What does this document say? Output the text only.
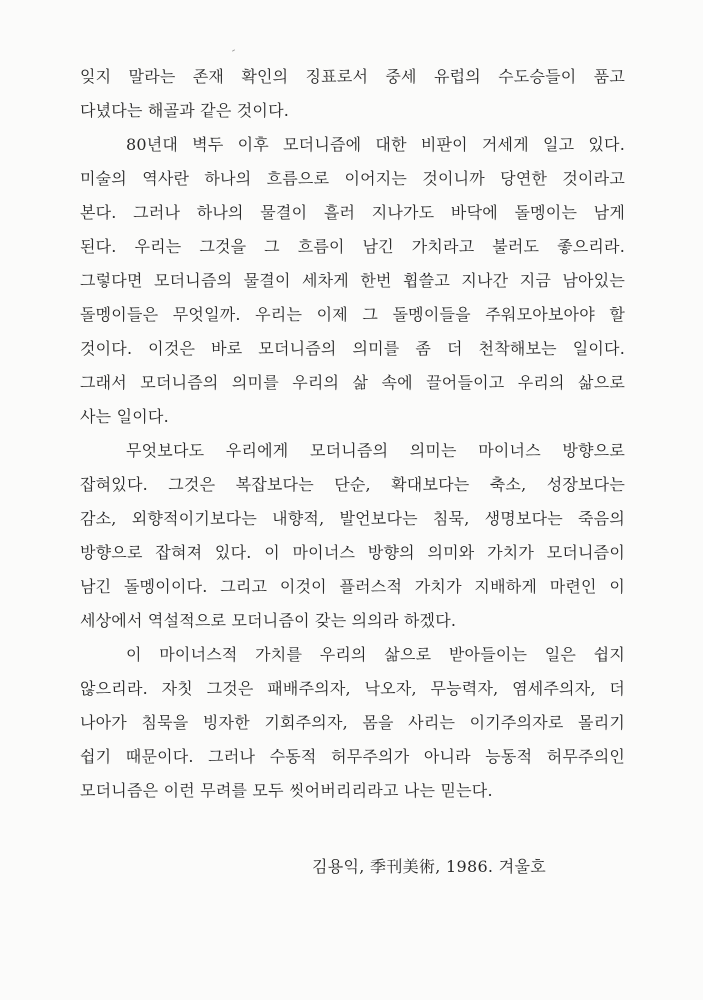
잊지 말라는 존재 확인의 징표로서 중세 유럽의 수도승들이 품고
다녔다는 해골과 같은 것이다.
80년대 벽두 이후 모더니즘에 대한 비판이 거세게 일고 있다.
미술의 역사란 하나의 흐름으로 이어지는 것이니까 당연한 것이라고
본다. 그러나 하나의 물결이 흘러 지나가도 바닥에 돌멩이는 남게
된다. 우리는 그것을 그 흐름이 남긴 가치라고 불러도 좋으리라.
그렇다면 모더니즘의 물결이 세차게 한번 휩쓸고 지나간 지금 남아있는
돌멩이들은 무엇일까. 우리는 이제 그 돌멩이들을 주워모아보아야 할
것이다. 이것은 바로 모더니즘의 의미를 좀 더 천착해보는 일이다.
그래서 모더니즘의 의미를 우리의 삶 속에 끌어들이고 우리의 삶으로
사는 일이다.
무엇보다도 우리에게 모더니즘의 의미는 마이너스 방향으로
잡혀있다. 그것은 복잡보다는 단순, 확대보다는 축소, 성장보다는
감소, 외향적이기보다는 내향적, 발언보다는 침묵, 생명보다는 죽음의
방향으로 잡혀져 있다. 이 마이너스 방향의 의미와 가치가 모더니즘이
남긴 돌멩이이다. 그리고 이것이 플러스적 가치가 지배하게 마련인 이
세상에서 역설적으로 모더니즘이 갖는 의의라 하겠다.
이 마이너스적 가치를 우리의 삶으로 받아들이는 일은 쉽지
않으리라. 자칫 그것은 패배주의자, 낙오자, 무능력자, 염세주의자, 더
나아가 침묵을 빙자한 기회주의자, 몸을 사리는 이기주의자로 몰리기
쉽기 때문이다. 그러나 수동적 허무주의가 아니라 능동적 허무주의인
모더니즘은 이런 무려를 모두 씻어버리리라고 나는 믿는다.
김용익, 季刊美術, 1986. 겨울호
